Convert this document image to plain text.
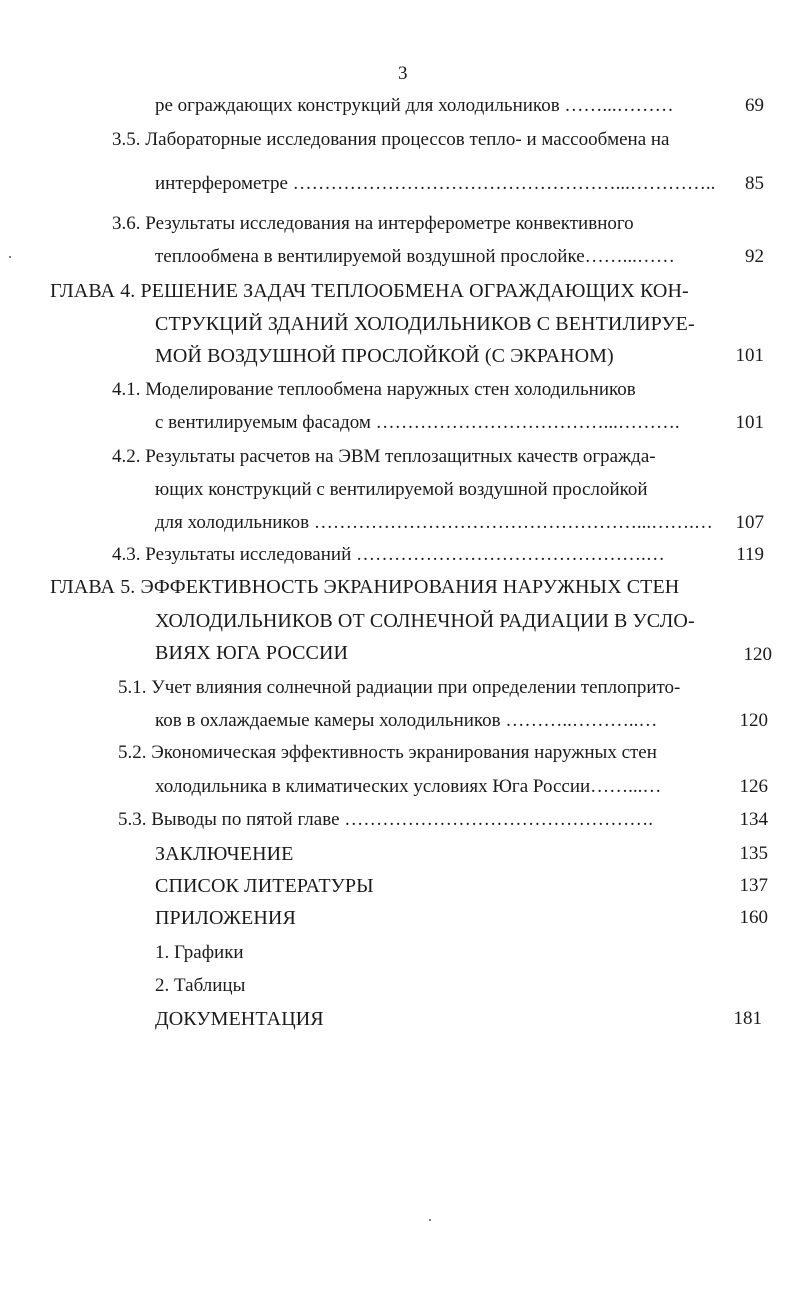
3
ре ограждающих конструкций для холодильников ……...………	69
3.5. Лабораторные исследования процессов тепло- и массообмена на
интерферометре ……………………………………………...………….. 85
3.6. Результаты исследования на интерферометре конвективного
теплообмена в вентилируемой воздушной прослойке……...……	92
ГЛАВА 4. РЕШЕНИЕ ЗАДАЧ ТЕПЛООБМЕНА ОГРАЖДАЮЩИХ КОН-
СТРУКЦИЙ ЗДАНИЙ ХОЛОДИЛЬНИКОВ С ВЕНТИЛИРУЕ-
МОЙ ВОЗДУШНОЙ ПРОСЛОЙКОЙ (С ЭКРАНОМ)	101
4.1. Моделирование теплообмена наружных стен холодильников
с вентилируемым фасадом ………………………………...……….	101
4.2. Результаты расчетов на ЭВМ теплозащитных качеств огражда-
ющих конструкций с вентилируемой воздушной прослойкой
для холодильников ……………………………………………...…….… 107
4.3. Результаты исследований ……………………………………….…	119
ГЛАВА 5. ЭФФЕКТИВНОСТЬ ЭКРАНИРОВАНИЯ НАРУЖНЫХ СТЕН
ХОЛОДИЛЬНИКОВ ОТ СОЛНЕЧНОЙ РАДИАЦИИ В УСЛО-
ВИЯХ ЮГА РОССИИ	120
5.1. Учет влияния солнечной радиации при определении теплоприто-
ков в охлаждаемые камеры холодильников ………..………..…	120
5.2. Экономическая эффективность экранирования наружных стен
холодильника в климатических условиях Юга России……...…	126
5.3. Выводы по пятой главе ………………………………………….	134
ЗАКЛЮЧЕНИЕ	135
СПИСОК ЛИТЕРАТУРЫ	137
ПРИЛОЖЕНИЯ	160
1. Графики
2. Таблицы
ДОКУМЕНТАЦИЯ	181
